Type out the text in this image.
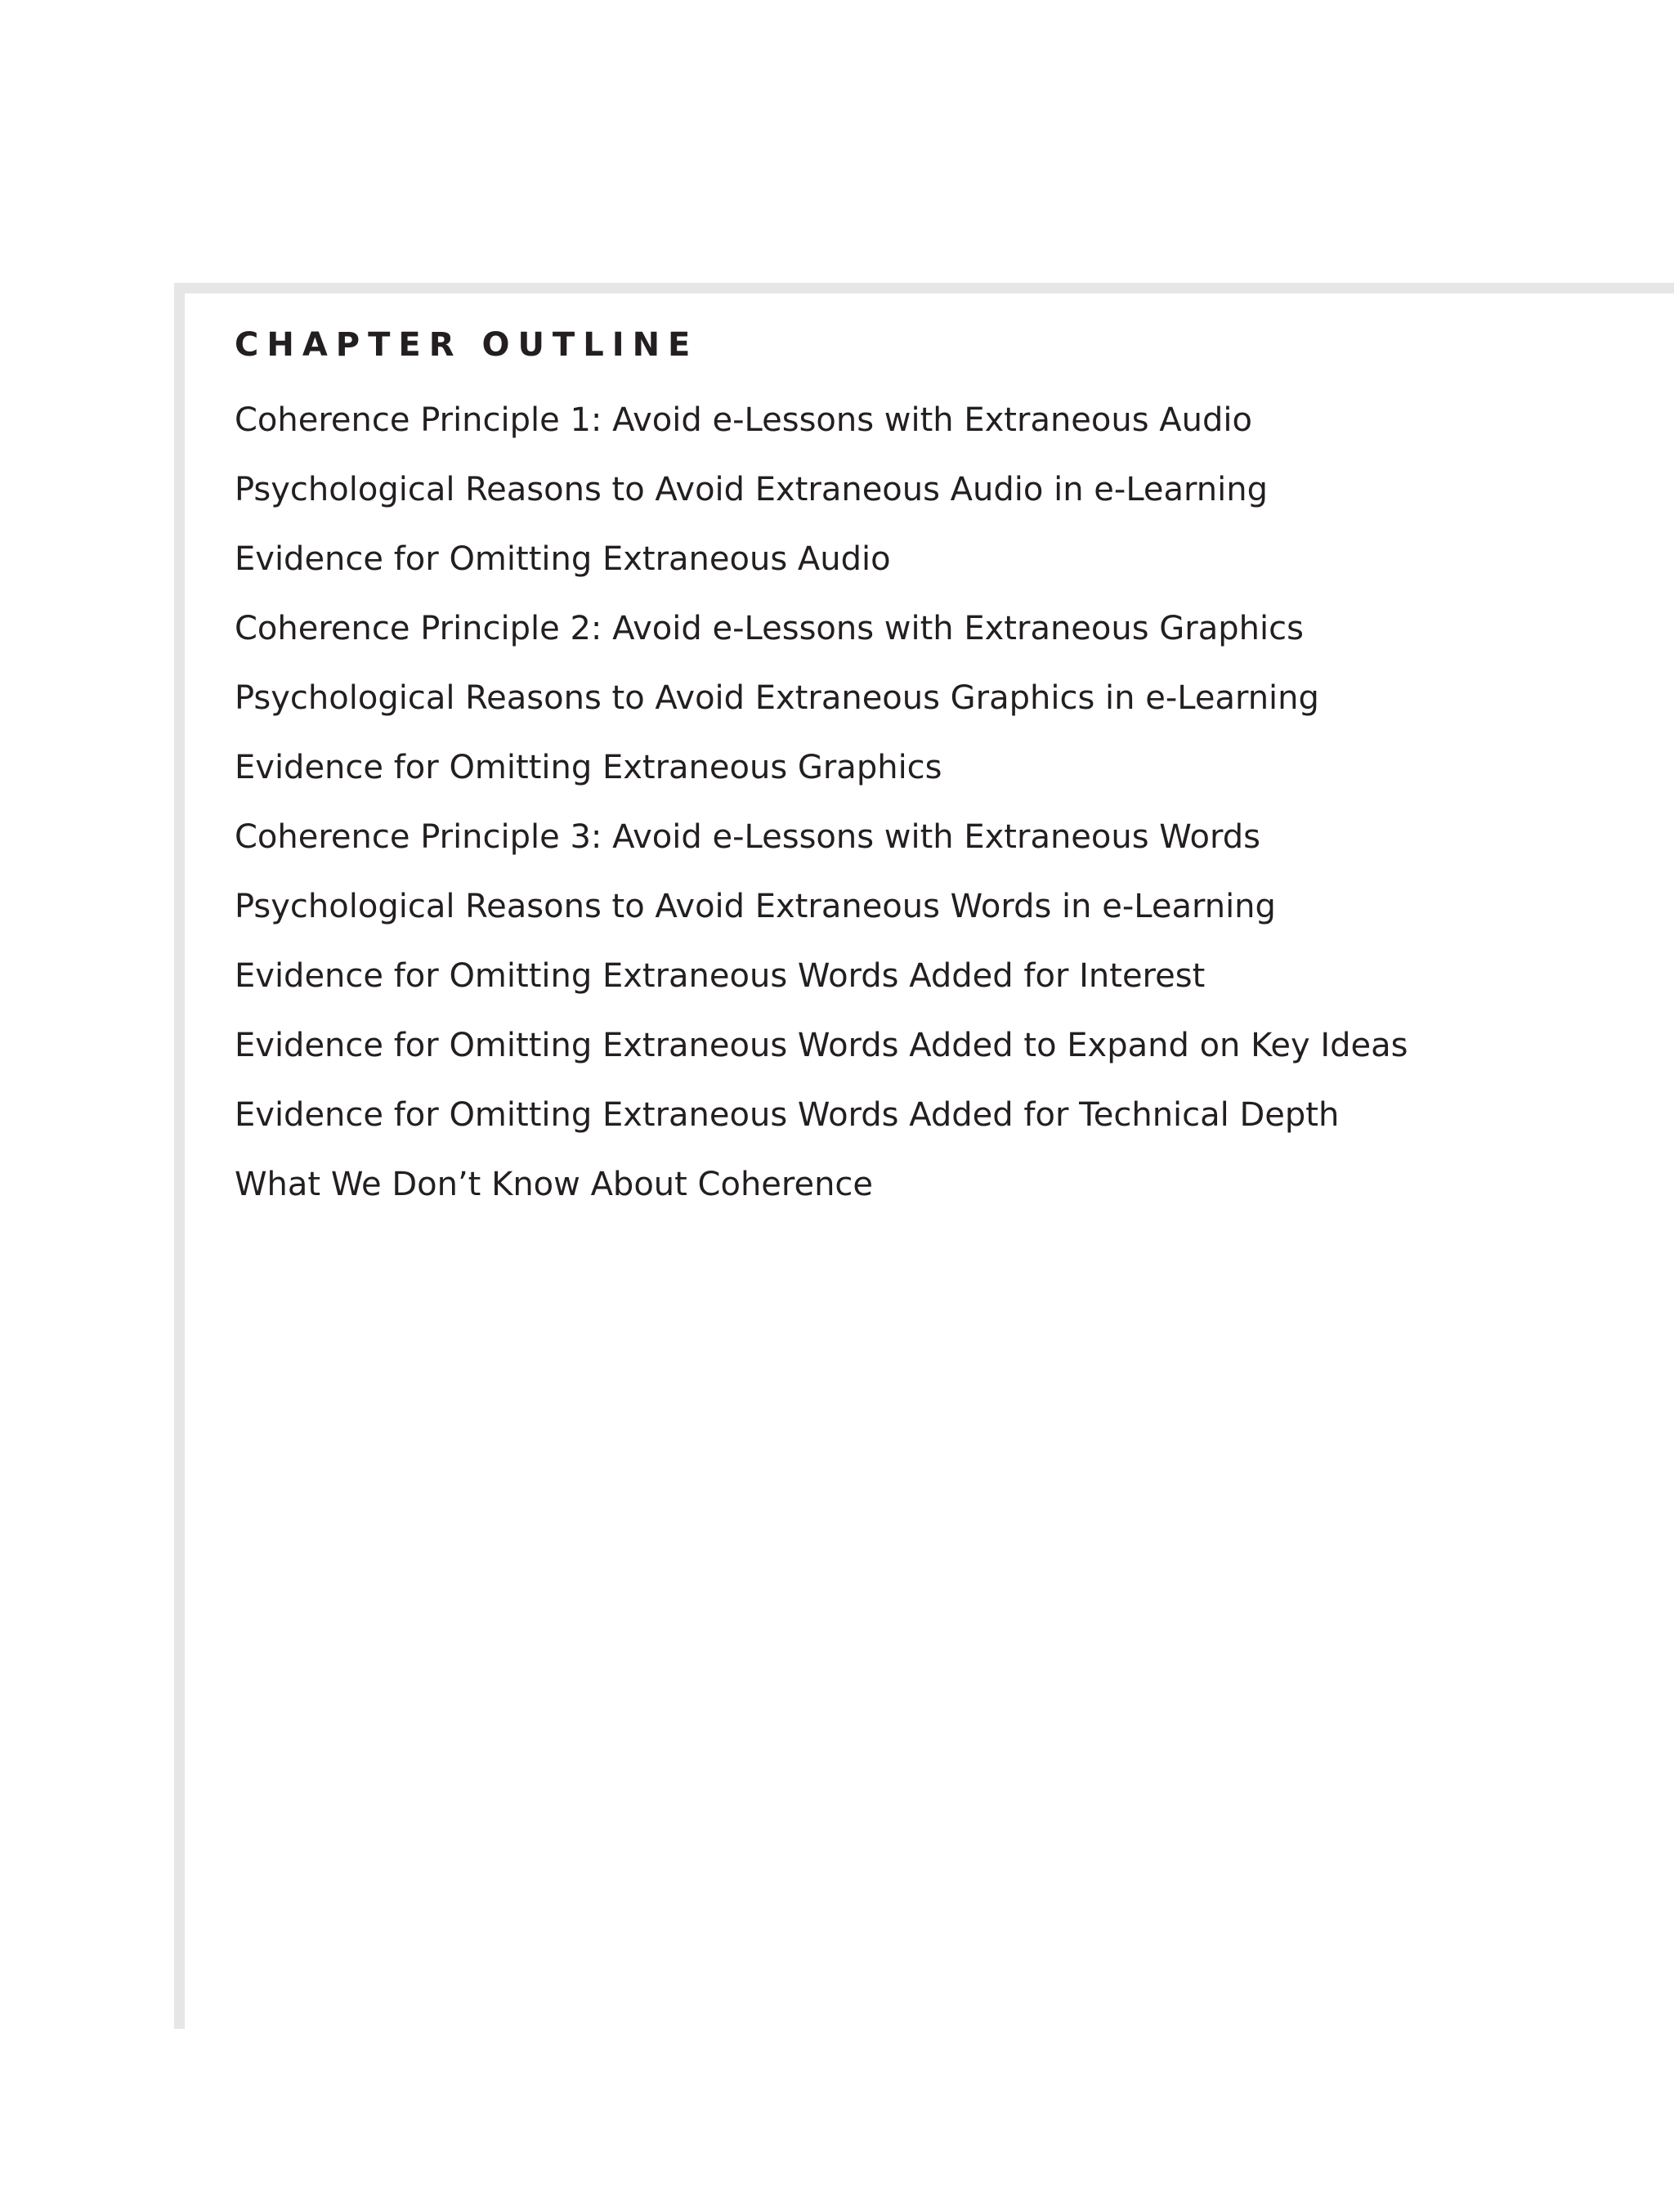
CHAPTER OUTLINE
Coherence Principle 1: Avoid e-Lessons with Extraneous Audio
Psychological Reasons to Avoid Extraneous Audio in e-Learning
Evidence for Omitting Extraneous Audio
Coherence Principle 2: Avoid e-Lessons with Extraneous Graphics
Psychological Reasons to Avoid Extraneous Graphics in e-Learning
Evidence for Omitting Extraneous Graphics
Coherence Principle 3: Avoid e-Lessons with Extraneous Words
Psychological Reasons to Avoid Extraneous Words in e-Learning
Evidence for Omitting Extraneous Words Added for Interest
Evidence for Omitting Extraneous Words Added to Expand on Key Ideas
Evidence for Omitting Extraneous Words Added for Technical Depth
What We Don’t Know About Coherence
